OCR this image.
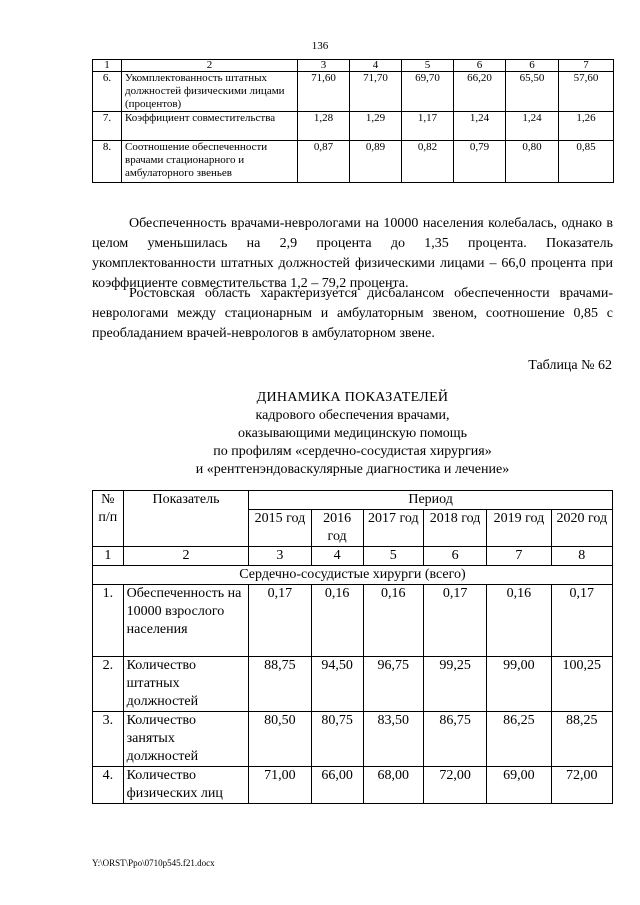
136
1	2	3	4	5	6	6	7
6.	Укомплектованность штатных должностей физическими лицами (процентов)	71,60	71,70	69,70	66,20	65,50	57,60
7.	Коэффициент совместительства	1,28	1,29	1,17	1,24	1,24	1,26
8.	Соотношение обеспеченности врачами стационарного и амбулаторного звеньев	0,87	0,89	0,82	0,79	0,80	0,85

Обеспеченность врачами-неврологами на 10000 населения колебалась, однако в целом уменьшилась на 2,9 процента до 1,35 процента. Показатель укомплектованности штатных должностей физическими лицами – 66,0 процента при коэффициенте совместительства 1,2 – 79,2 процента.

Ростовская область характеризуется дисбалансом обеспеченности врачами-неврологами между стационарным и амбулаторным звеном, соотношение 0,85 с преобладанием врачей-неврологов в амбулаторном звене.

Таблица № 62
ДИНАМИКА ПОКАЗАТЕЛЕЙ
кадрового обеспечения врачами,
оказывающими медицинскую помощь
по профилям «сердечно-сосудистая хирургия»
и «рентгенэндоваскулярные диагностика и лечение»
№ п/п	Показатель	Период					
		2015 год	2016 год	2017 год	2018 год	2019 год	2020 год
1	2	3	4	5	6	7	8
Сердечно-сосудистые хирурги (всего)							
1.	Обеспеченность на 10000 взрослого населения	0,17	0,16	0,16	0,17	0,16	0,17
2.	Количество штатных должностей	88,75	94,50	96,75	99,25	99,00	100,25
3.	Количество занятых должностей	80,50	80,75	83,50	86,75	86,25	88,25
4.	Количество физических лиц	71,00	66,00	68,00	72,00	69,00	72,00
Y:\ORST\Ppo\0710p545.f21.docx
